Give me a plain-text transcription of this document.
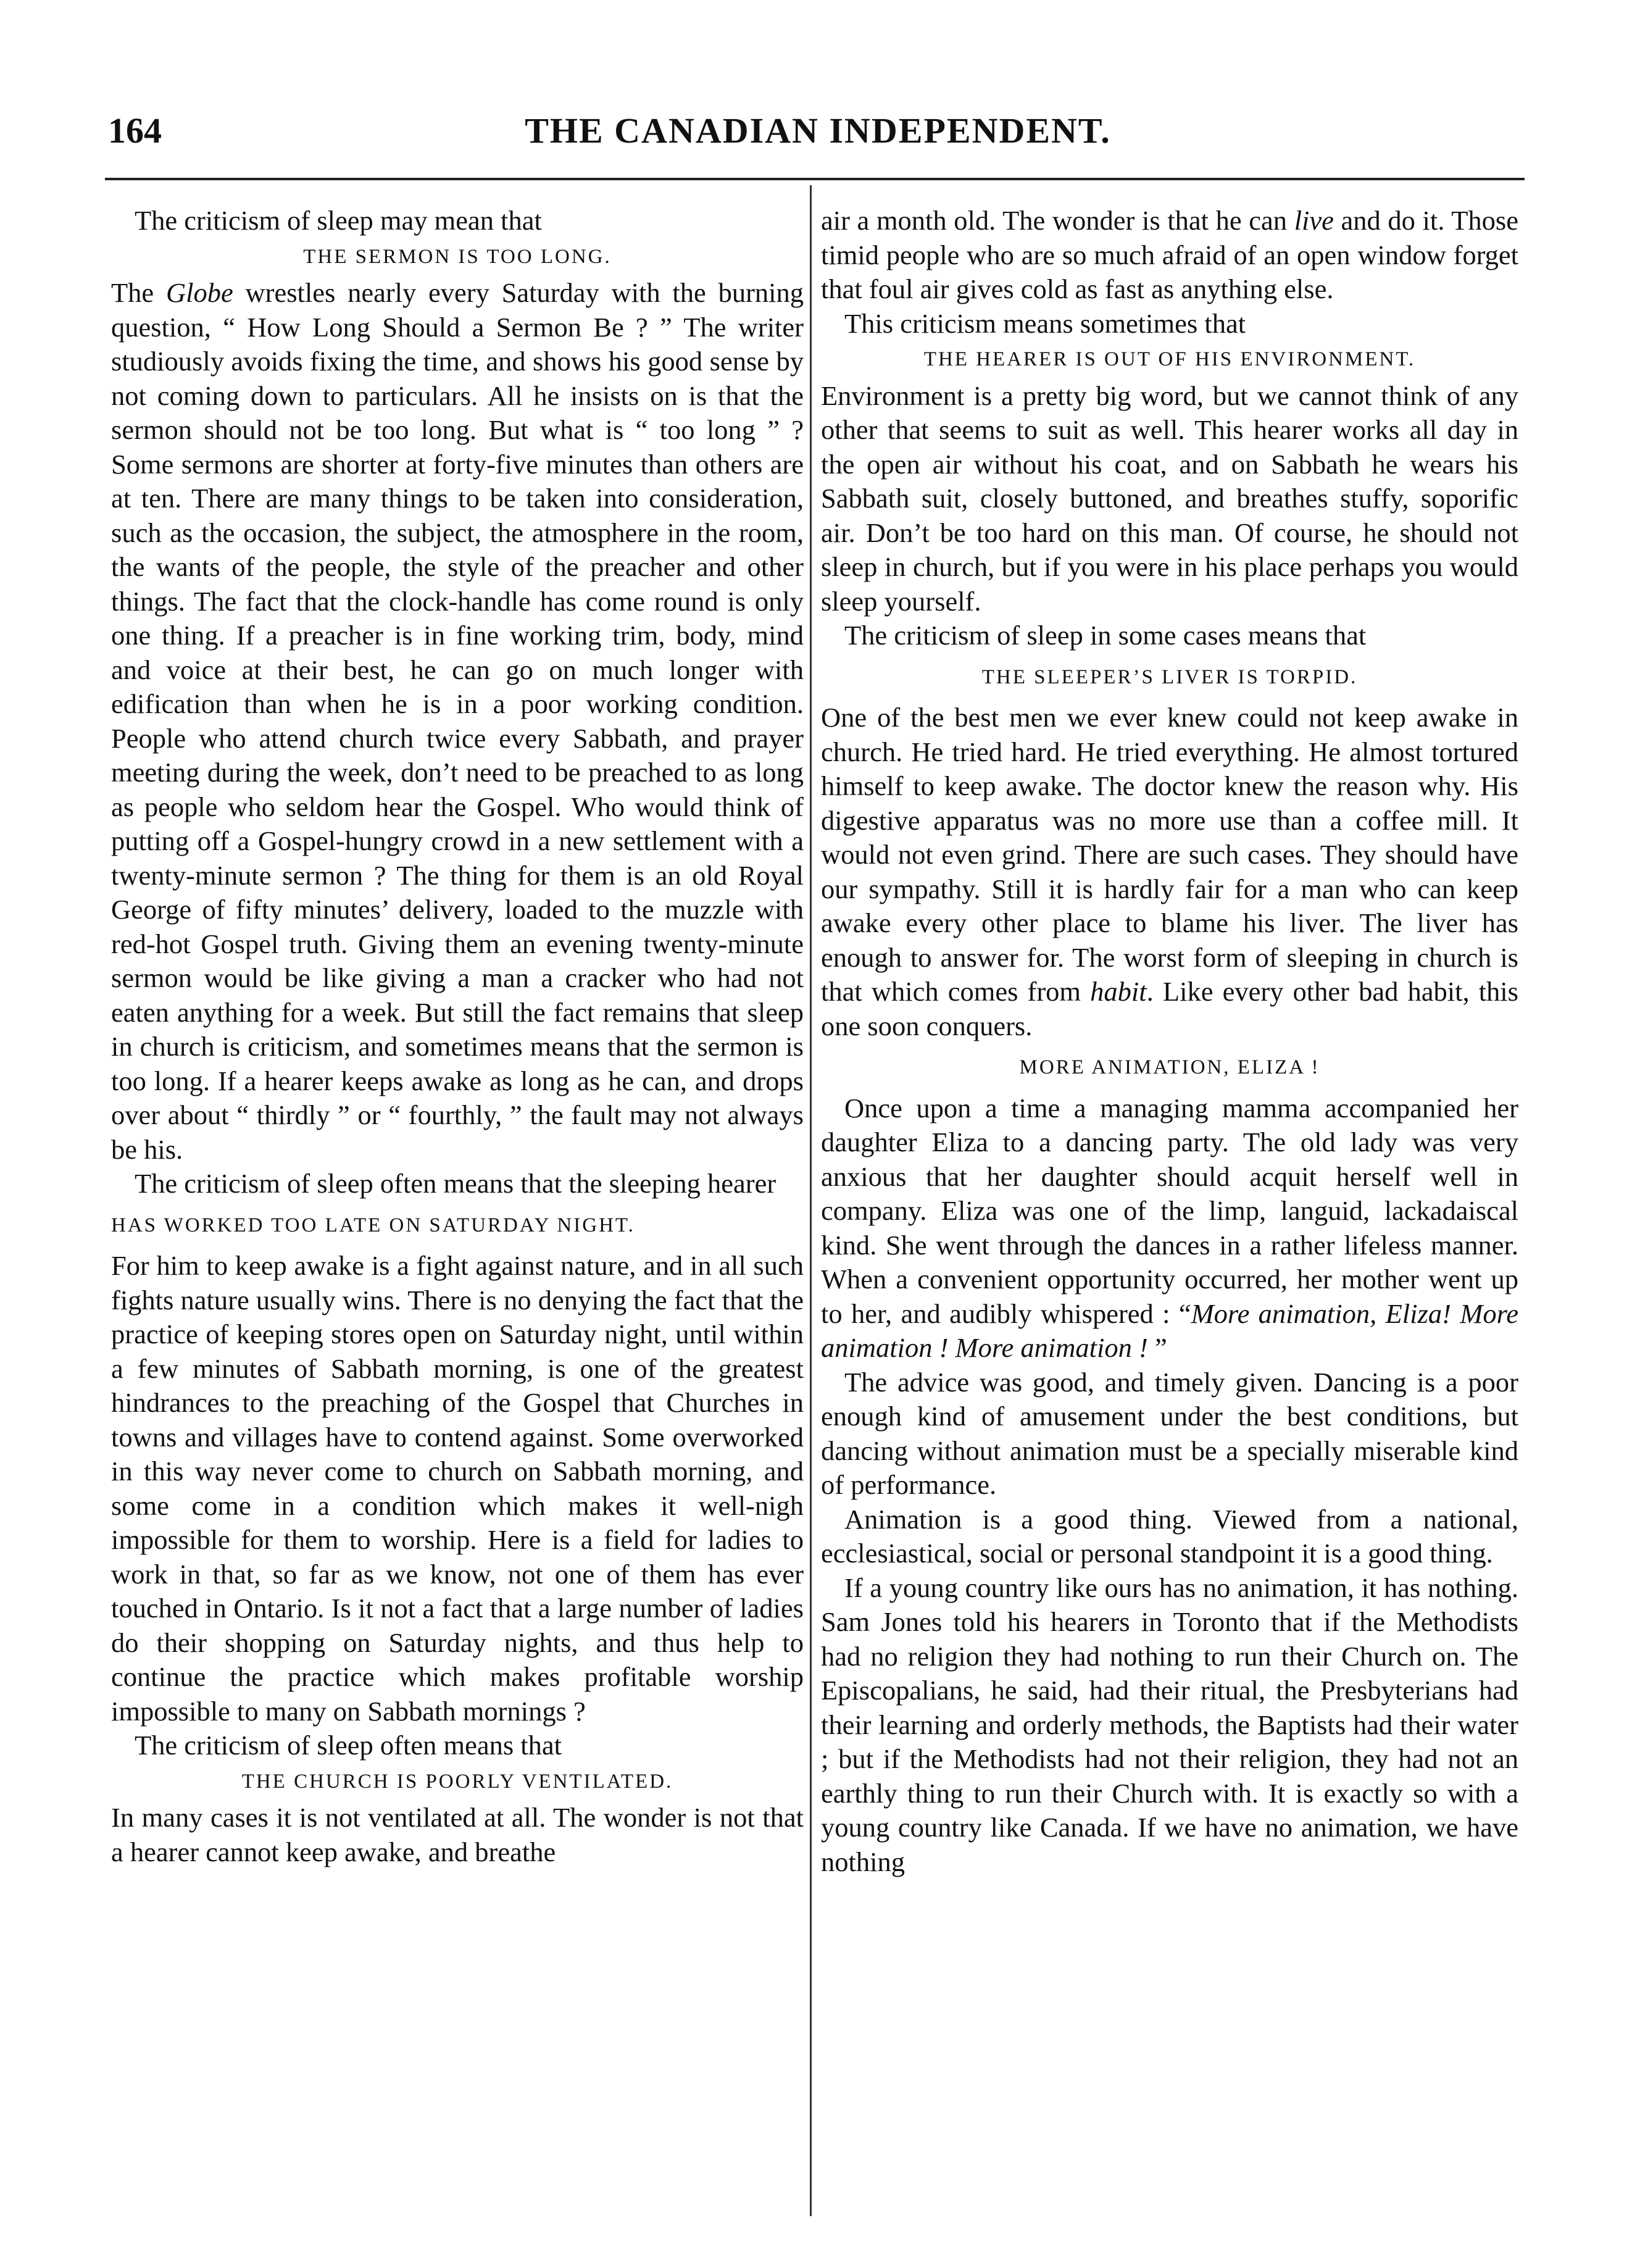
164	THE CANADIAN INDEPENDENT.

The criticism of sleep may mean that

THE SERMON IS TOO LONG.

The Globe wrestles nearly every Saturday with the burning question, “ How Long Should a Sermon Be ? ” The writer studiously avoids fixing the time, and shows his good sense by not coming down to particulars. All he insists on is that the sermon should not be too long. But what is “ too long ” ? Some sermons are shorter at forty-five minutes than others are at ten. There are many things to be taken into consideration, such as the occasion, the subject, the atmosphere in the room, the wants of the people, the style of the preacher and other things. The fact that the clock-handle has come round is only one thing. If a preacher is in fine working trim, body, mind and voice at their best, he can go on much longer with edification than when he is in a poor working condition. People who attend church twice every Sabbath, and prayer meeting during the week, don’t need to be preached to as long as people who seldom hear the Gospel. Who would think of putting off a Gospel-hungry crowd in a new settlement with a twenty-minute sermon ? The thing for them is an old Royal George of fifty minutes’ delivery, loaded to the muzzle with red-hot Gospel truth. Giving them an evening twenty-minute sermon would be like giving a man a cracker who had not eaten anything for a week. But still the fact remains that sleep in church is criticism, and sometimes means that the sermon is too long. If a hearer keeps awake as long as he can, and drops over about “ thirdly ” or “ fourthly, ” the fault may not always be his.

The criticism of sleep often means that the sleeping hearer

HAS WORKED TOO LATE ON SATURDAY NIGHT.

For him to keep awake is a fight against nature, and in all such fights nature usually wins. There is no denying the fact that the practice of keeping stores open on Saturday night, until within a few minutes of Sabbath morning, is one of the greatest hindrances to the preaching of the Gospel that Churches in towns and villages have to contend against. Some overworked in this way never come to church on Sabbath morning, and some come in a condition which makes it well-nigh impossible for them to worship. Here is a field for ladies to work in that, so far as we know, not one of them has ever touched in Ontario. Is it not a fact that a large number of ladies do their shopping on Saturday nights, and thus help to continue the practice which makes profitable worship impossible to many on Sabbath mornings ?

The criticism of sleep often means that

THE CHURCH IS POORLY VENTILATED.

In many cases it is not ventilated at all. The wonder is not that a hearer cannot keep awake, and breathe

air a month old. The wonder is that he can live and do it. Those timid people who are so much afraid of an open window forget that foul air gives cold as fast as anything else.

This criticism means sometimes that

THE HEARER IS OUT OF HIS ENVIRONMENT.

Environment is a pretty big word, but we cannot think of any other that seems to suit as well. This hearer works all day in the open air without his coat, and on Sabbath he wears his Sabbath suit, closely buttoned, and breathes stuffy, soporific air. Don’t be too hard on this man. Of course, he should not sleep in church, but if you were in his place perhaps you would sleep yourself.

The criticism of sleep in some cases means that

THE SLEEPER’S LIVER IS TORPID.

One of the best men we ever knew could not keep awake in church. He tried hard. He tried everything. He almost tortured himself to keep awake. The doctor knew the reason why. His digestive apparatus was no more use than a coffee mill. It would not even grind. There are such cases. They should have our sympathy. Still it is hardly fair for a man who can keep awake every other place to blame his liver. The liver has enough to answer for. The worst form of sleeping in church is that which comes from habit. Like every other bad habit, this one soon conquers.

MORE ANIMATION, ELIZA !

Once upon a time a managing mamma accompanied her daughter Eliza to a dancing party. The old lady was very anxious that her daughter should acquit herself well in company. Eliza was one of the limp, languid, lackadaiscal kind. She went through the dances in a rather lifeless manner. When a convenient opportunity occurred, her mother went up to her, and audibly whispered : “More animation, Eliza! More animation ! More animation ! ”

The advice was good, and timely given. Dancing is a poor enough kind of amusement under the best conditions, but dancing without animation must be a specially miserable kind of performance.

Animation is a good thing. Viewed from a national, ecclesiastical, social or personal standpoint it is a good thing.

If a young country like ours has no animation, it has nothing. Sam Jones told his hearers in Toronto that if the Methodists had no religion they had nothing to run their Church on. The Episcopalians, he said, had their ritual, the Presbyterians had their learning and orderly methods, the Baptists had their water ; but if the Methodists had not their religion, they had not an earthly thing to run their Church with. It is exactly so with a young country like Canada. If we have no animation, we have nothing
